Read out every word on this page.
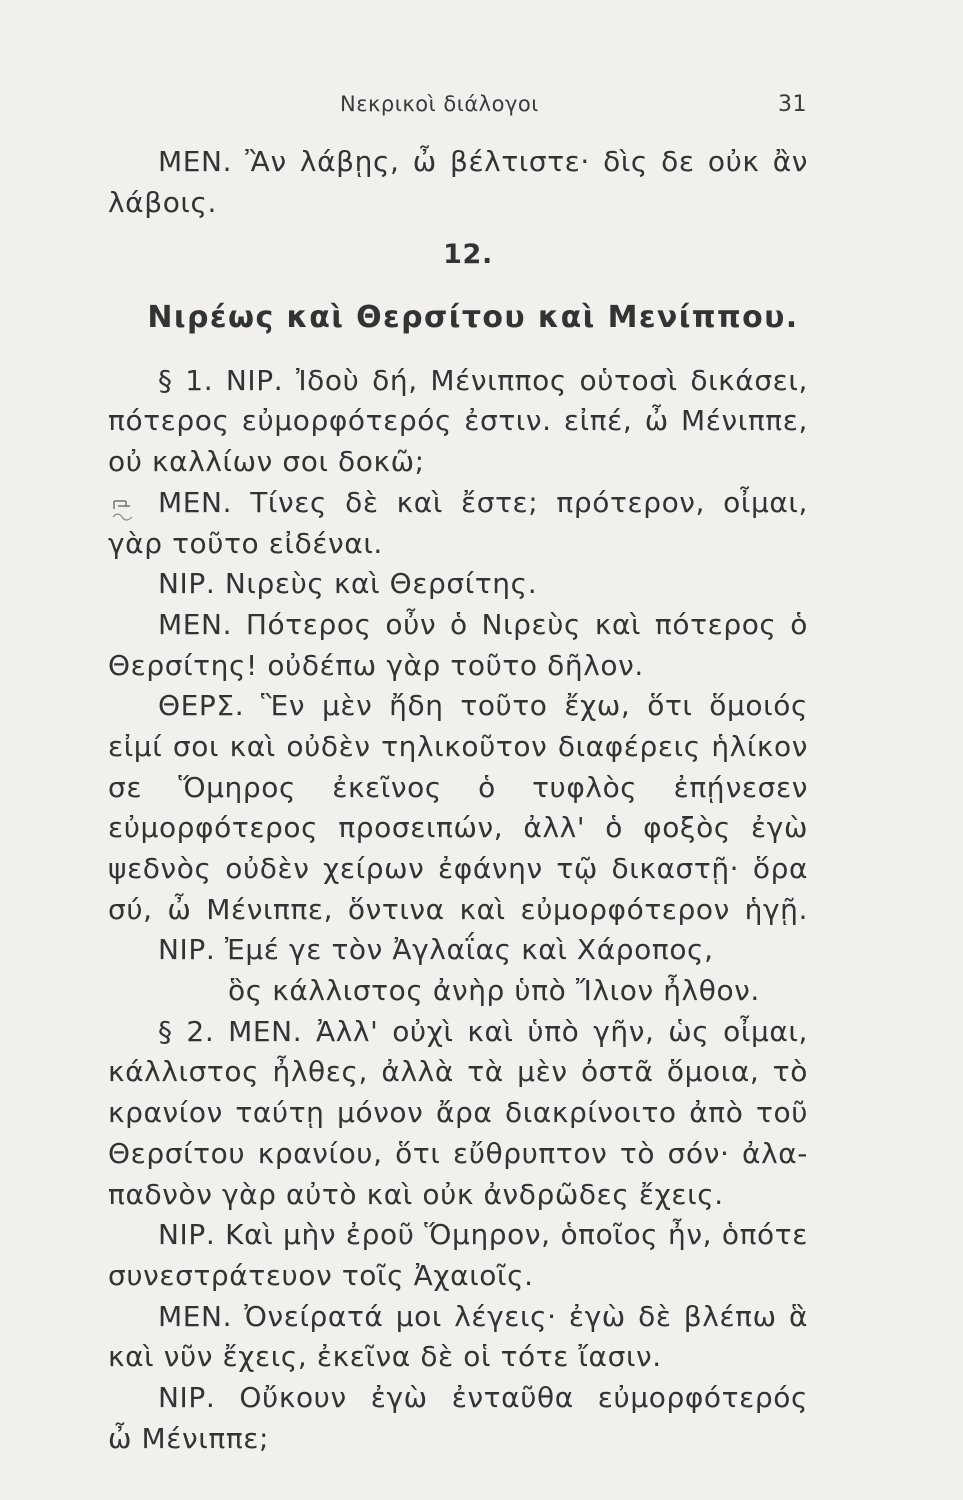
Νεκρικοὶ διάλογοι	31
ΜΕΝ. Ἂν λάβῃς, ὦ βέλτιστε· δὶς δε οὐκ ἂν
λάβοις.
12.
Νιρέως καὶ Θερσίτου καὶ Μενίππου.
§ 1. ΝΙΡ. Ἰδοὺ δή, Μένιππος οὑτοσὶ δικάσει,
πότερος εὐμορφότερός ἐστιν. εἰπέ, ὦ Μένιππε,
οὐ καλλίων σοι δοκῶ;
ΜΕΝ. Τίνες δὲ καὶ ἔστε; πρότερον, οἶμαι,
γὰρ τοῦτο εἰδέναι.
ΝΙΡ. Νιρεὺς καὶ Θερσίτης.
ΜΕΝ. Πότερος οὖν ὁ Νιρεὺς καὶ πότερος ὁ
Θερσίτης! οὐδέπω γὰρ τοῦτο δῆλον.
ΘΕΡΣ. Ἓν μὲν ἤδη τοῦτο ἔχω, ὅτι ὅμοιός
εἰμί σοι καὶ οὐδὲν τηλικοῦτον διαφέρεις ἡλίκον
σε Ὅμηρος ἐκεῖνος ὁ τυφλὸς ἐπῄνεσεν
εὐμορφότερος προσειπών, ἀλλ' ὁ φοξὸς ἐγὼ
ψεδνὸς οὐδὲν χείρων ἐφάνην τῷ δικαστῇ· ὅρα
σύ, ὦ Μένιππε, ὅντινα καὶ εὐμορφότερον ἡγῇ.
ΝΙΡ. Ἐμέ γε τὸν Ἀγλαΐας καὶ Χάροπος,
ὃς κάλλιστος ἀνὴρ ὑπὸ Ἴλιον ἦλθον.
§ 2. ΜΕΝ. Ἀλλ' οὐχὶ καὶ ὑπὸ γῆν, ὡς οἶμαι,
κάλλιστος ἦλθες, ἀλλὰ τὰ μὲν ὀστᾶ ὅμοια, τὸ
κρανίον ταύτῃ μόνον ἄρα διακρίνοιτο ἀπὸ τοῦ
Θερσίτου κρανίου, ὅτι εὔθρυπτον τὸ σόν· ἀλα-
παδνὸν γὰρ αὐτὸ καὶ οὐκ ἀνδρῶδες ἔχεις.
ΝΙΡ. Καὶ μὴν ἐροῦ Ὅμηρον, ὁποῖος ἦν, ὁπότε
συνεστράτευον τοῖς Ἀχαιοῖς.
ΜΕΝ. Ὀνείρατά μοι λέγεις· ἐγὼ δὲ βλέπω ἃ
καὶ νῦν ἔχεις, ἐκεῖνα δὲ οἱ τότε ἴασιν.
ΝΙΡ. Οὔκουν ἐγὼ ἐνταῦθα εὐμορφότερός
ὦ Μένιππε;
